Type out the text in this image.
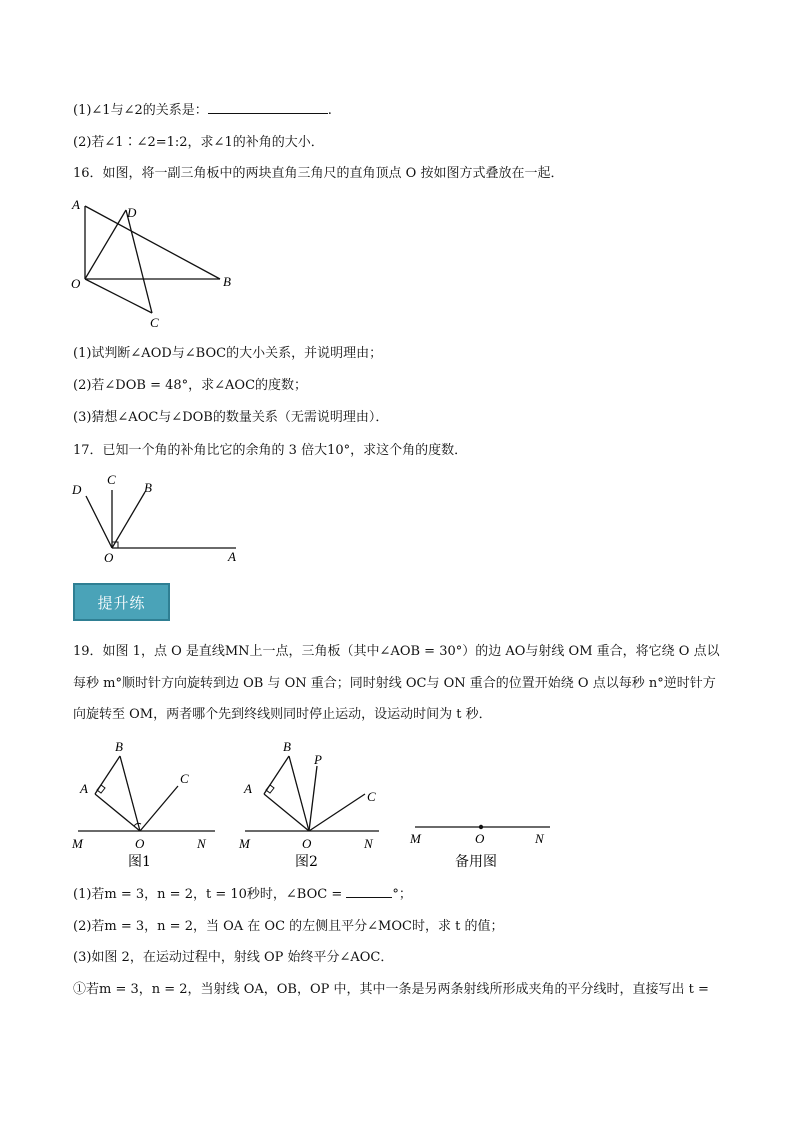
(1)∠1与∠2的关系是：	.
(2)若∠1∶∠2=1:2，求∠1的补角的大小．
16．如图，将一副三角板中的两块直角三角尺的直角顶点 O 按如图方式叠放在一起．
A
D
O	B
C
(1)试判断∠AOD与∠BOC的大小关系，并说明理由；
(2)若∠DOB = 48°，求∠AOC的度数；
(3)猜想∠AOC与∠DOB的数量关系（无需说明理由）．
17．已知一个角的补角比它的余角的 3 倍大10°，求这个角的度数．
D
C
B
O	A
提升练
19．如图 1，点 O 是直线MN上一点，三角板（其中∠AOB = 30°）的边 AO与射线 OM 重合，将它绕 O 点以
每秒 m°顺时针方向旋转到边 OB 与 ON 重合；同时射线 OC与 ON 重合的位置开始绕 O 点以每秒 n°逆时针方
向旋转至 OM，两者哪个先到终线则同时停止运动，设运动时间为 t 秒．
A
B
C
M	O	N
图1
A
B
P
C
M	O	N
图2
M	O	N
备用图
(1)若m = 3，n = 2，t = 10秒时，∠BOC =	°；
(2)若m = 3，n = 2，当 OA 在 OC 的左侧且平分∠MOC时，求 t 的值；
(3)如图 2，在运动过程中，射线 OP 始终平分∠AOC．
①若m = 3，n = 2，当射线 OA，OB，OP 中，其中一条是另两条射线所形成夹角的平分线时，直接写出 t =
